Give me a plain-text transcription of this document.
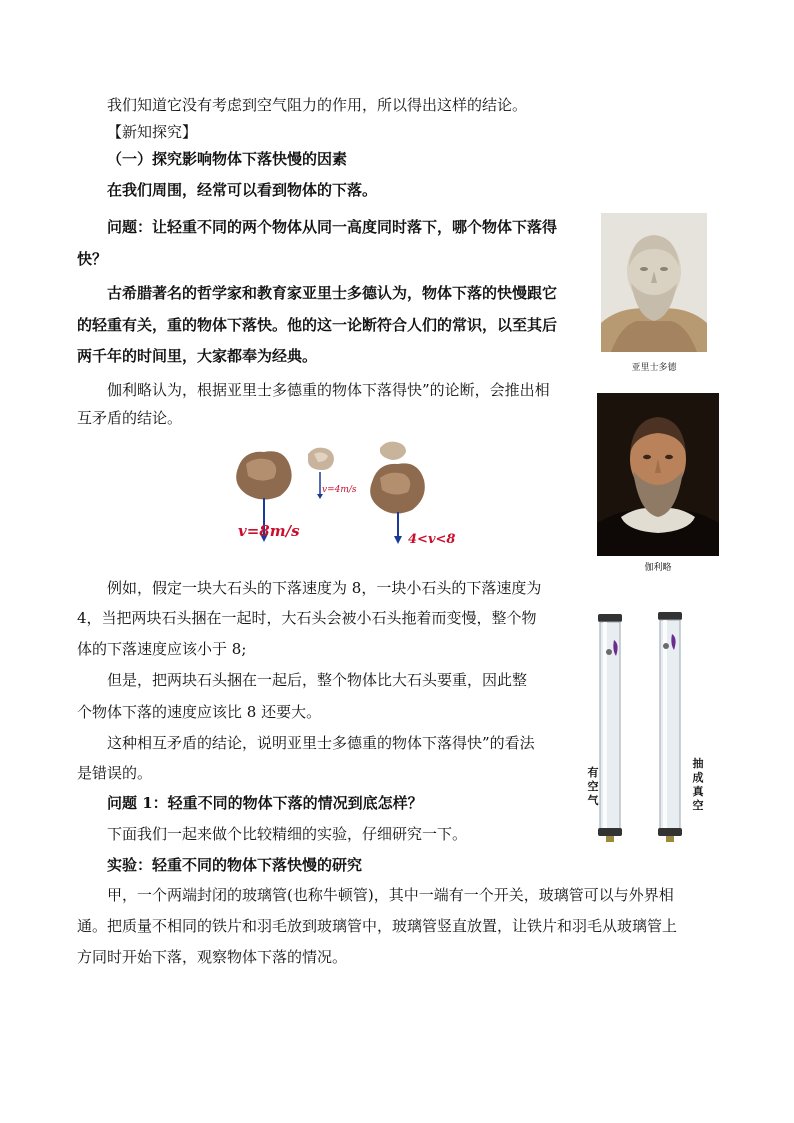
我们知道它没有考虑到空气阻力的作用，所以得出这样的结论。

【新知探究】

（一）探究影响物体下落快慢的因素

在我们周围，经常可以看到物体的下落。

问题：让轻重不同的两个物体从同一高度同时落下，哪个物体下落得

快？

古希腊著名的哲学家和教育家亚里士多德认为，物体下落的快慢跟它

的轻重有关，重的物体下落快。他的这一论断符合人们的常识，以至其后

两千年的时间里，大家都奉为经典。

伽利略认为，根据亚里士多德重的物体下落得快”的论断，会推出相

互矛盾的结论。

例如，假定一块大石头的下落速度为 8，一块小石头的下落速度为

4，当把两块石头捆在一起时，大石头会被小石头拖着而变慢，整个物

体的下落速度应该小于 8;

但是，把两块石头捆在一起后，整个物体比大石头要重，因此整

个物体下落的速度应该比 8 还要大。

这种相互矛盾的结论，说明亚里士多德重的物体下落得快”的看法

是错误的。

问题 1：轻重不同的物体下落的情况到底怎样？

下面我们一起来做个比较精细的实验，仔细研究一下。

实验：轻重不同的物体下落快慢的研究

甲，一个两端封闭的玻璃管(也称牛顿管)，其中一端有一个开关，玻璃管可以与外界相

通。把质量不相同的铁片和羽毛放到玻璃管中，玻璃管竖直放置，让铁片和羽毛从玻璃管上

方同时开始下落，观察物体下落的情况。

亚里士多德
伽利略
v=8m/s
v=4m/s
4<v<8
有空气
抽成真空
